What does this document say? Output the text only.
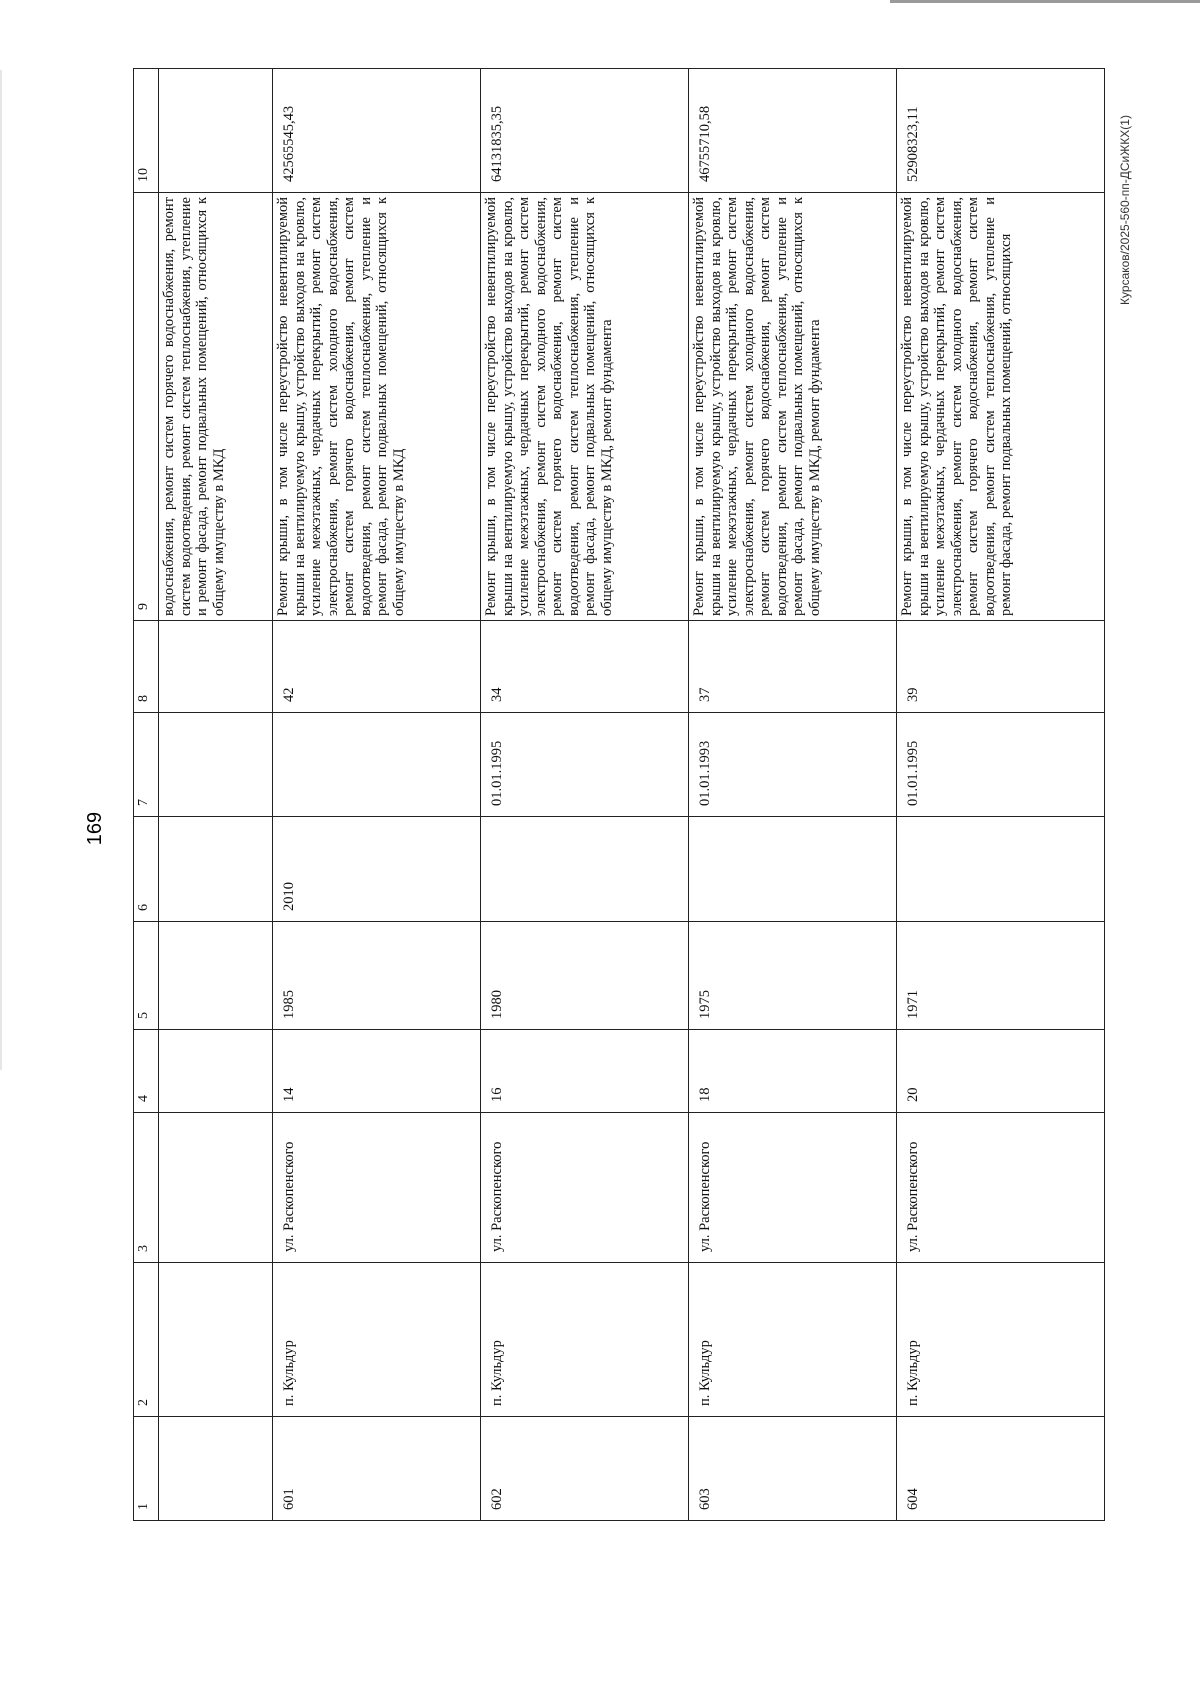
169
Курсаков/2025-560-пп-ДСиЖКХ(1)
1	2	3	4	5	6	7	8	9	10
								водоснабжения, ремонт систем горячего водоснабжения, ремонт систем водоотведения, ремонт систем теплоснабжения, утепление и ремонт фасада, ремонт подвальных помещений, относящихся к общему имуществу в МКД	
601	п. Кульдур	ул. Раскопенского	14	1985	2010		42	Ремонт крыши, в том числе переустройство невентилируемой крыши на вентилируемую крышу, устройство выходов на кровлю, усиление межэтажных, чердачных перекрытий, ремонт систем электроснабжения, ремонт систем холодного водоснабжения, ремонт систем горячего водоснабжения, ремонт систем водоотведения, ремонт систем теплоснабжения, утепление и ремонт фасада, ремонт подвальных помещений, относящихся к общему имуществу в МКД	42565545,43
602	п. Кульдур	ул. Раскопенского	16	1980		01.01.1995	34	Ремонт крыши, в том числе переустройство невентилируемой крыши на вентилируемую крышу, устройство выходов на кровлю, усиление межэтажных, чердачных перекрытий, ремонт систем электроснабжения, ремонт систем холодного водоснабжения, ремонт систем горячего водоснабжения, ремонт систем водоотведения, ремонт систем теплоснабжения, утепление и ремонт фасада, ремонт подвальных помещений, относящихся к общему имуществу в МКД, ремонт фундамента	64131835,35
603	п. Кульдур	ул. Раскопенского	18	1975		01.01.1993	37	Ремонт крыши, в том числе переустройство невентилируемой крыши на вентилируемую крышу, устройство выходов на кровлю, усиление межэтажных, чердачных перекрытий, ремонт систем электроснабжения, ремонт систем холодного водоснабжения, ремонт систем горячего водоснабжения, ремонт систем водоотведения, ремонт систем теплоснабжения, утепление и ремонт фасада, ремонт подвальных помещений, относящихся к общему имуществу в МКД, ремонт фундамента	46755710,58
604	п. Кульдур	ул. Раскопенского	20	1971		01.01.1995	39	Ремонт крыши, в том числе переустройство невентилируемой крыши на вентилируемую крышу, устройство выходов на кровлю, усиление межэтажных, чердачных перекрытий, ремонт систем электроснабжения, ремонт систем холодного водоснабжения, ремонт систем горячего водоснабжения, ремонт систем водоотведения, ремонт систем теплоснабжения, утепление и ремонт фасада, ремонт подвальных помещений, относящихся	52908323,11
